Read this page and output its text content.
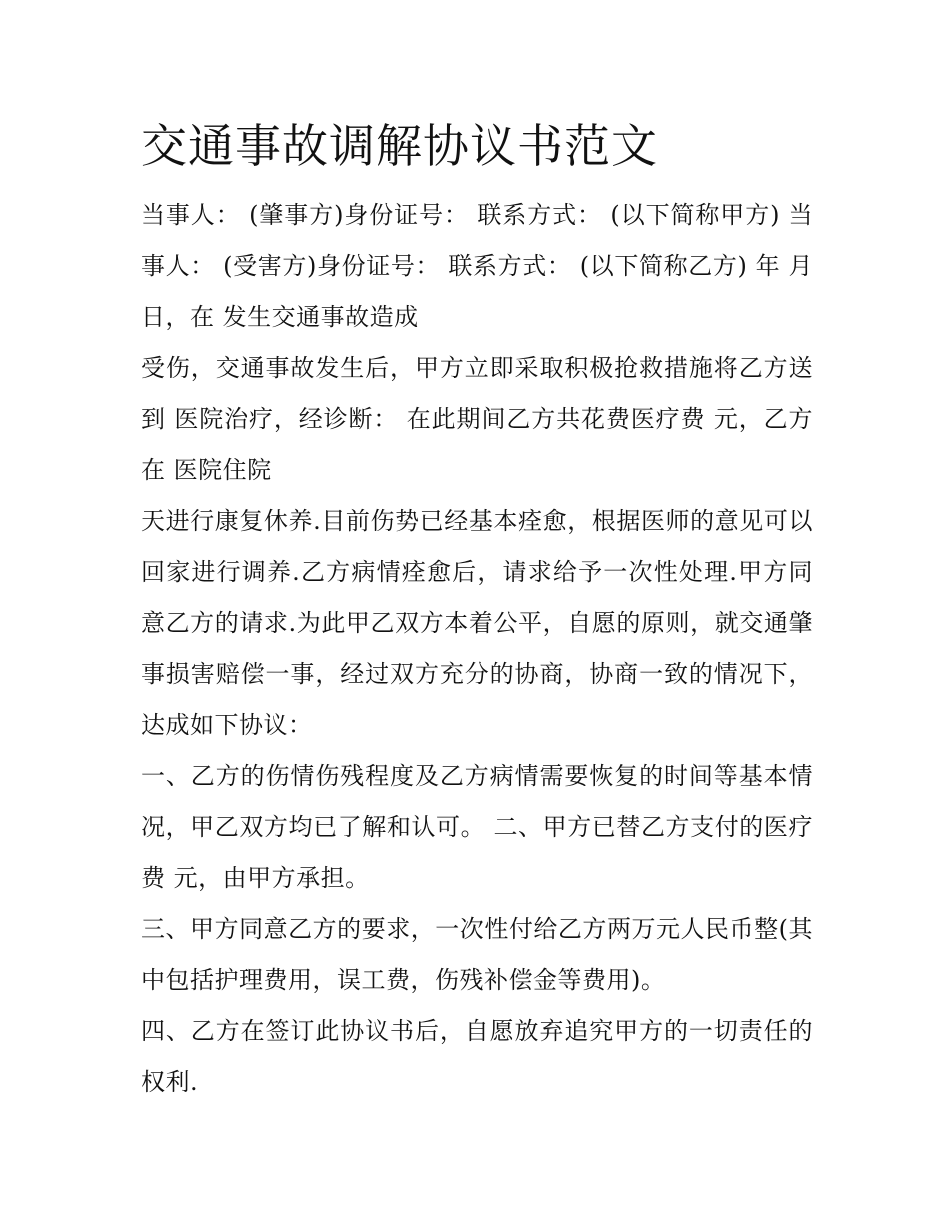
交通事故调解协议书范文

当事人： (肇事方)身份证号： 联系方式： (以下简称甲方) 当事人： (受害方)身份证号： 联系方式： (以下简称乙方) 年 月 日，在 发生交通事故造成

受伤，交通事故发生后，甲方立即采取积极抢救措施将乙方送到 医院治疗，经诊断： 在此期间乙方共花费医疗费 元，乙方在 医院住院

天进行康复休养.目前伤势已经基本痊愈，根据医师的意见可以回家进行调养.乙方病情痊愈后，请求给予一次性处理.甲方同意乙方的请求.为此甲乙双方本着公平，自愿的原则，就交通肇事损害赔偿一事，经过双方充分的协商，协商一致的情况下，达成如下协议：

一、乙方的伤情伤残程度及乙方病情需要恢复的时间等基本情况，甲乙双方均已了解和认可。 二、甲方已替乙方支付的医疗费 元，由甲方承担。

三、甲方同意乙方的要求，一次性付给乙方两万元人民币整(其中包括护理费用，误工费，伤残补偿金等费用)。

四、乙方在签订此协议书后，自愿放弃追究甲方的一切责任的权利.
